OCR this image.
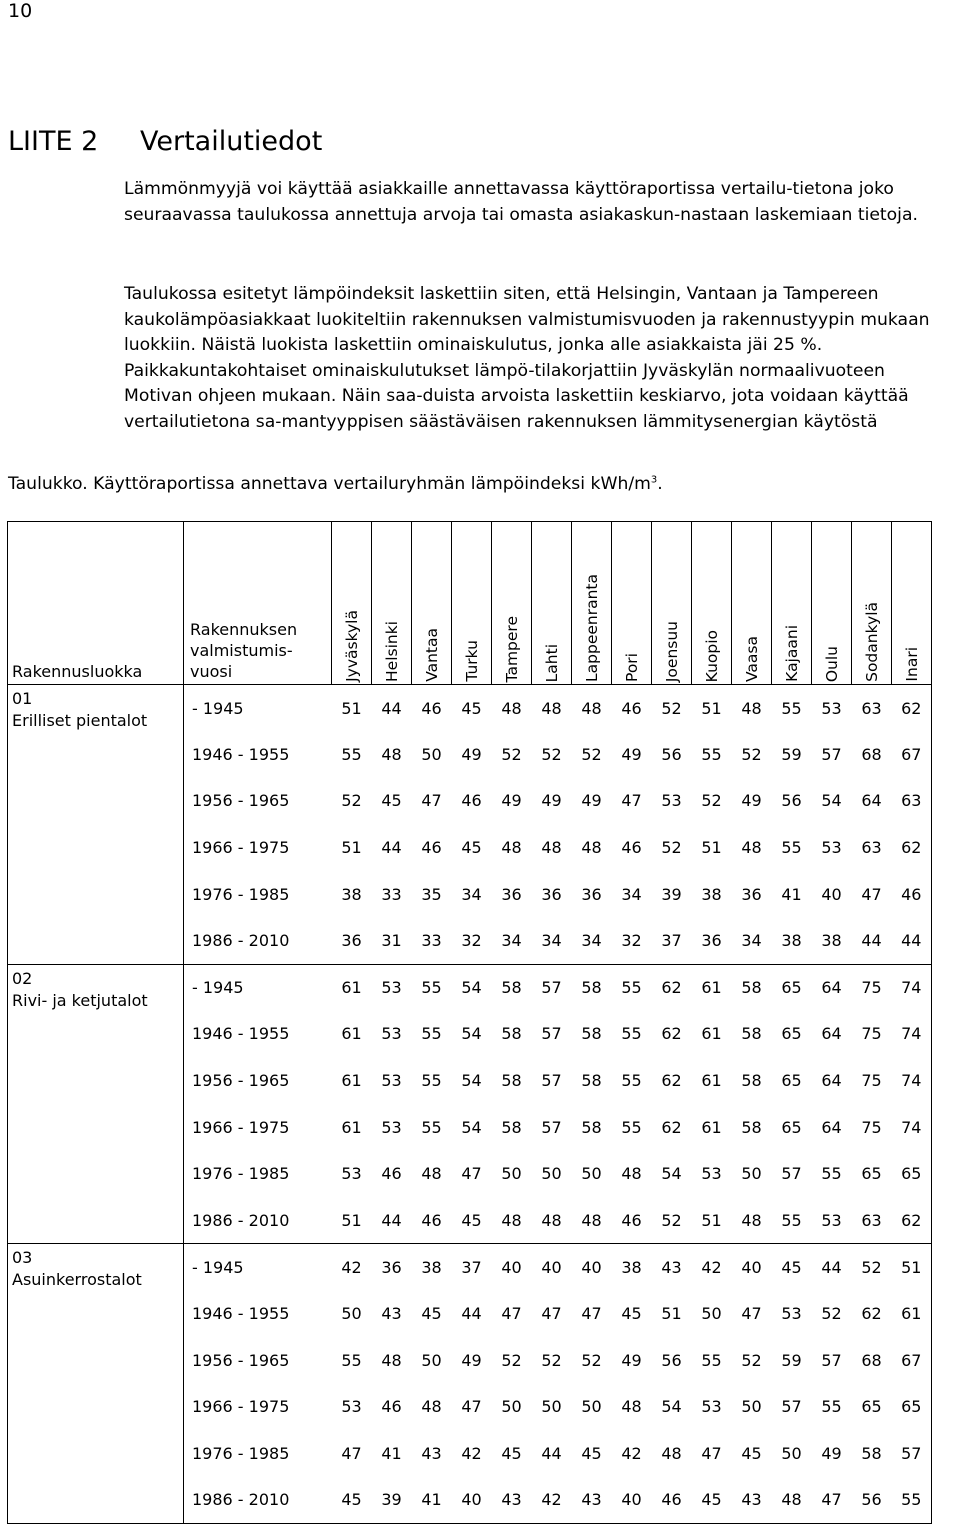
10
LIITE 2 Vertailutiedot
Lämmönmyyjä voi käyttää asiakkaille annettavassa käyttöraportissa vertailu-tietona joko seuraavassa taulukossa annettuja arvoja tai omasta asiakaskun-nastaan laskemiaan tietoja.
Taulukossa esitetyt lämpöindeksit laskettiin siten, että Helsingin, Vantaan ja Tampereen kaukolämpöasiakkaat luokiteltiin rakennuksen valmistumisvuoden ja rakennustyypin mukaan luokkiin. Näistä luokista laskettiin ominaiskulutus, jonka alle asiakkaista jäi 25 %. Paikkakuntakohtaiset ominaiskulutukset lämpö-tilakorjattiin Jyväskylän normaalivuoteen Motivan ohjeen mukaan. Näin saa-duista arvoista laskettiin keskiarvo, jota voidaan käyttää vertailutietona sa-mantyyppisen säästäväisen rakennuksen lämmitysenergian käytöstä
Taulukko. Käyttöraportissa annettava vertailuryhmän lämpöindeksi kWh/$m^3$.
Rakennusluokka	Rakennuksen valmistumis-vuosi	Jyväskylä	Helsinki	Vantaa	Turku	Tampere	Lahti	Lappeenranta	Pori	Joensuu	Kuopio	Vaasa	Kajaani	Oulu	Sodankylä	Inari

01
Erilliset pientalot	- 1945	51	44	46	45	48	48	48	46	52	51	48	55	53	63	62
	1946 - 1955	55	48	50	49	52	52	52	49	56	55	52	59	57	68	67
	1956 - 1965	52	45	47	46	49	49	49	47	53	52	49	56	54	64	63
	1966 - 1975	51	44	46	45	48	48	48	46	52	51	48	55	53	63	62
	1976 - 1985	38	33	35	34	36	36	36	34	39	38	36	41	40	47	46
	1986 - 2010	36	31	33	32	34	34	34	32	37	36	34	38	38	44	44

02
Rivi- ja ketjutalot	- 1945	61	53	55	54	58	57	58	55	62	61	58	65	64	75	74
	1946 - 1955	61	53	55	54	58	57	58	55	62	61	58	65	64	75	74
	1956 - 1965	61	53	55	54	58	57	58	55	62	61	58	65	64	75	74
	1966 - 1975	61	53	55	54	58	57	58	55	62	61	58	65	64	75	74
	1976 - 1985	53	46	48	47	50	50	50	48	54	53	50	57	55	65	65
	1986 - 2010	51	44	46	45	48	48	48	46	52	51	48	55	53	63	62

03
Asuinkerrostalot	- 1945	42	36	38	37	40	40	40	38	43	42	40	45	44	52	51
	1946 - 1955	50	43	45	44	47	47	47	45	51	50	47	53	52	62	61
	1956 - 1965	55	48	50	49	52	52	52	49	56	55	52	59	57	68	67
	1966 - 1975	53	46	48	47	50	50	50	48	54	53	50	57	55	65	65
	1976 - 1985	47	41	43	42	45	44	45	42	48	47	45	50	49	58	57
	1986 - 2010	45	39	41	40	43	42	43	40	46	45	43	48	47	56	55
